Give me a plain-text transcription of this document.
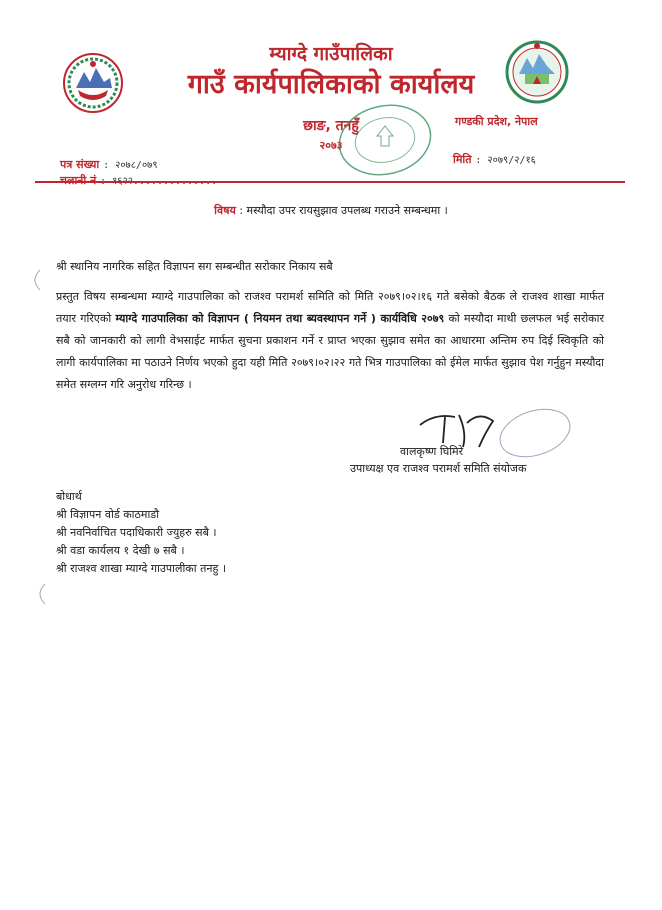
म्याग्दे गाउँपालिका
गाउँ कार्यपालिकाको कार्यालय
छाङ, तनहुँ
२०७३
गण्डकी प्रदेश, नेपाल
पत्र संख्या : २०७८/०७९	मिति : २०७९/२/१६
विषय : मस्यौदा उपर रायसुझाव उपलब्ध गराउने सम्बन्धमा ।
श्री स्थानिय नागरिक सहित विज्ञापन सग सम्बन्धीत सरोकार निकाय सबै
प्रस्तुत विषय सम्बन्धमा म्याग्दे गाउपालिका को राजश्व परामर्श समिति को मिति २०७९।०२।१६ गते बसेको बैठक ले राजश्व शाखा मार्फत तयार गरिएको म्याग्दे गाउपालिका को विज्ञापन ( नियमन तथा ब्यवस्थापन गर्ने ) कार्यविधि २०७९ को मस्यौदा माथी छलफल भई सरोकार सबै को जानकारी को लागी वेभसाईट मार्फत सुचना प्रकाशन गर्ने र प्राप्त भएका सुझाव समेत का आधारमा अन्तिम रुप दिई स्विकृति को लागी कार्यपालिका मा पठाउने निर्णय भएको हुदा यही मिति २०७९।०२।२२ गते भित्र गाउपालिका को ईमेल मार्फत सुझाव पेश गर्नुहुन मस्यौदा समेत सग्लग्न गरि अनुरोध गरिन्छ ।
वालकृष्ण घिमिरे
उपाध्यक्ष एव राजश्व परामर्श समिति संयोजक
बोधार्थ
श्री विज्ञापन वोर्ड काठमाडौ
श्री नवनिर्वाचित पदाधिकारी ज्युहरु सबै ।
श्री वडा कार्यलय १ देखी ७ सबै ।
श्री राजश्व शाखा म्याग्दे गाउपालीका तनहु ।
